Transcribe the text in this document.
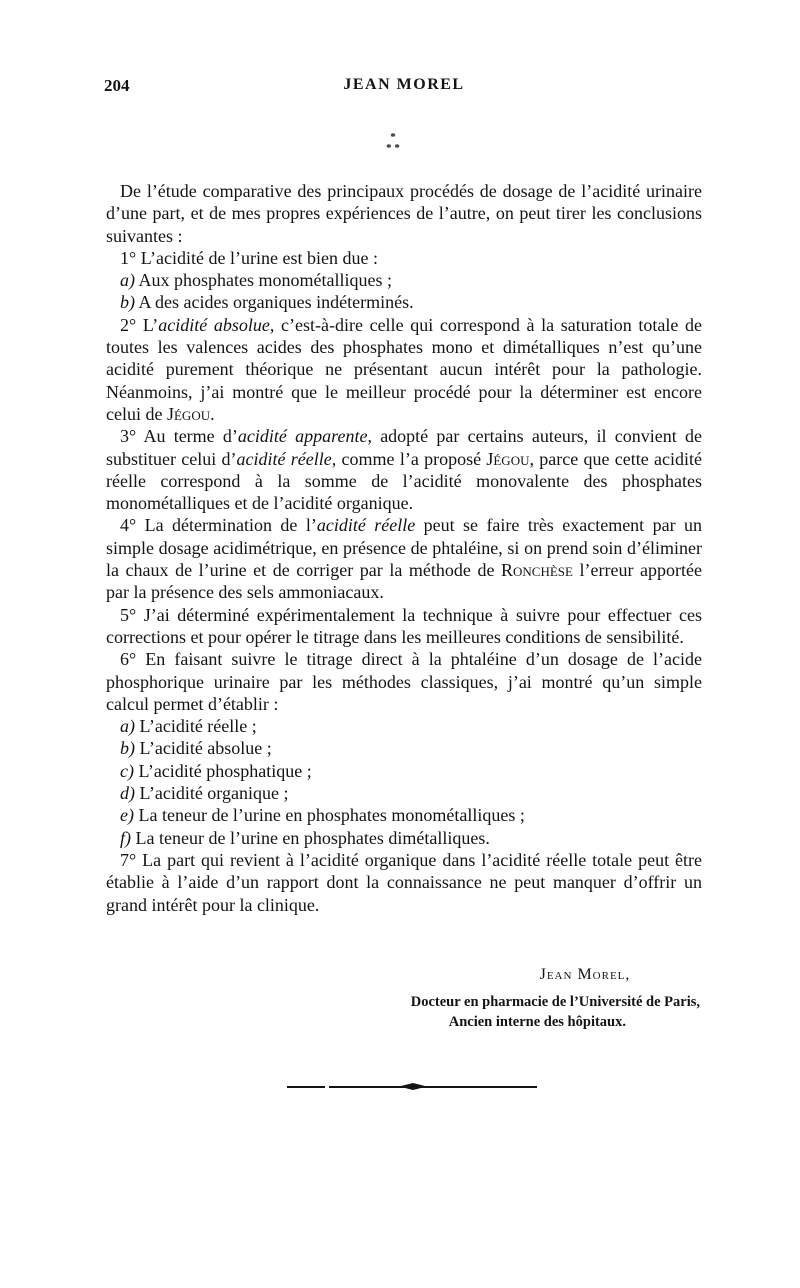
204	JEAN MOREL
*
* *

De l’étude comparative des principaux procédés de dosage de l’acidité urinaire d’une part, et de mes propres expériences de l’autre, on peut tirer les conclusions suivantes :

1° L’acidité de l’urine est bien due :

a) Aux phosphates monométalliques ;

b) A des acides organiques indéterminés.

2° L’acidité absolue, c’est-à-dire celle qui correspond à la saturation totale de toutes les valences acides des phosphates mono et dimétalliques n’est qu’une acidité purement théorique ne présentant aucun intérêt pour la pathologie. Néanmoins, j’ai montré que le meilleur procédé pour la déterminer est encore celui de Jégou.

3° Au terme d’acidité apparente, adopté par certains auteurs, il convient de substituer celui d’acidité réelle, comme l’a proposé Jégou, parce que cette acidité réelle correspond à la somme de l’acidité monovalente des phosphates monométalliques et de l’acidité organique.

4° La détermination de l’acidité réelle peut se faire très exactement par un simple dosage acidimétrique, en présence de phtaléine, si on prend soin d’éliminer la chaux de l’urine et de corriger par la méthode de Ronchèse l’erreur apportée par la présence des sels ammoniacaux.

5° J’ai déterminé expérimentalement la technique à suivre pour effectuer ces corrections et pour opérer le titrage dans les meilleures conditions de sensibilité.

6° En faisant suivre le titrage direct à la phtaléine d’un dosage de l’acide phosphorique urinaire par les méthodes classiques, j’ai montré qu’un simple calcul permet d’établir :

a) L’acidité réelle ;

b) L’acidité absolue ;

c) L’acidité phosphatique ;

d) L’acidité organique ;

e) La teneur de l’urine en phosphates monométalliques ;

f) La teneur de l’urine en phosphates dimétalliques.

7° La part qui revient à l’acidité organique dans l’acidité réelle totale peut être établie à l’aide d’un rapport dont la connaissance ne peut manquer d’offrir un grand intérêt pour la clinique.

Jean Morel,
Docteur en pharmacie de l’Université de Paris,
Ancien interne des hôpitaux.
